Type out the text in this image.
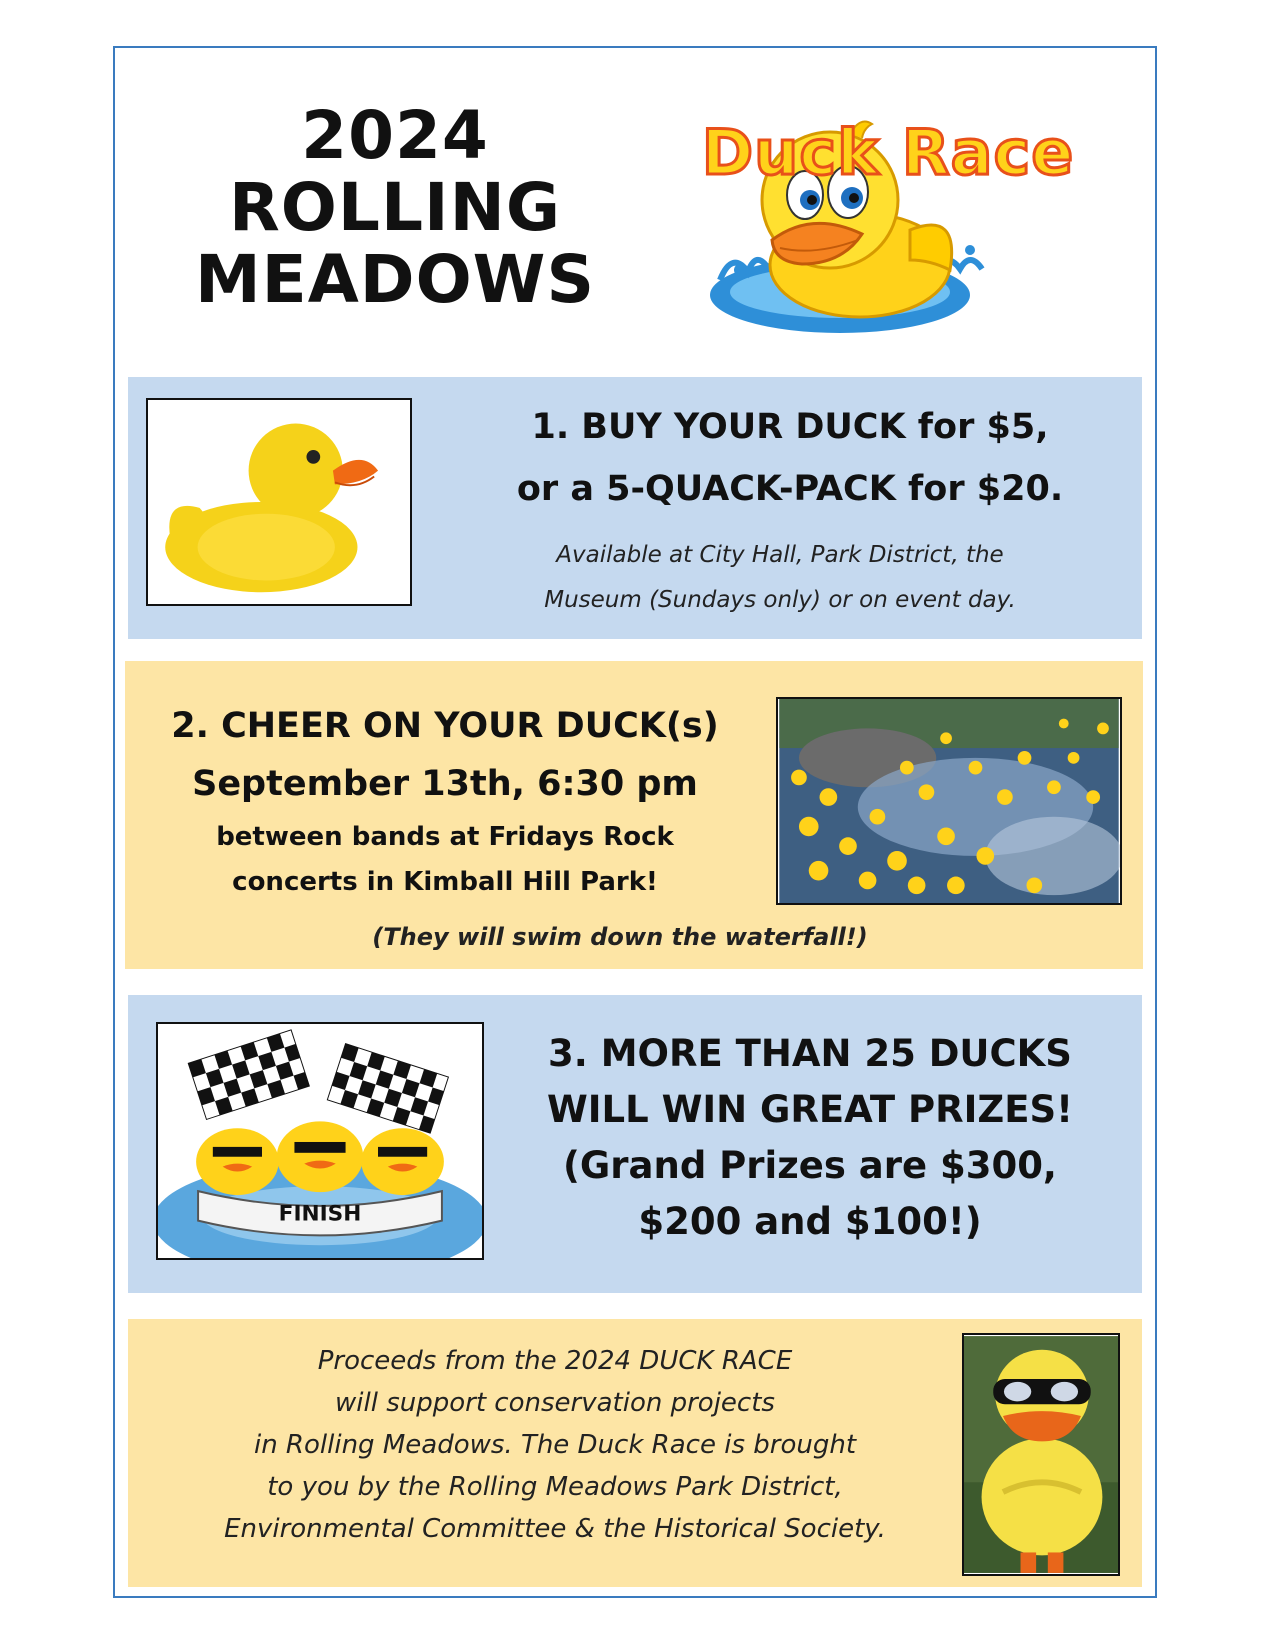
2024
ROLLING
MEADOWS
Duck Race
1. BUY YOUR DUCK for $5,
or a 5-QUACK-PACK for $20.
Available at City Hall, Park District, the
Museum (Sundays only) or on event day.
2. CHEER ON YOUR DUCK(s)
September 13th, 6:30 pm
between bands at Fridays Rock
concerts in Kimball Hill Park!
(They will swim down the waterfall!)
FINISH
3. MORE THAN 25 DUCKS
WILL WIN GREAT PRIZES!
(Grand Prizes are $300,
$200 and $100!)
Proceeds from the 2024 DUCK RACE
will support conservation projects
in Rolling Meadows. The Duck Race is brought
to you by the Rolling Meadows Park District,
Environmental Committee & the Historical Society.
